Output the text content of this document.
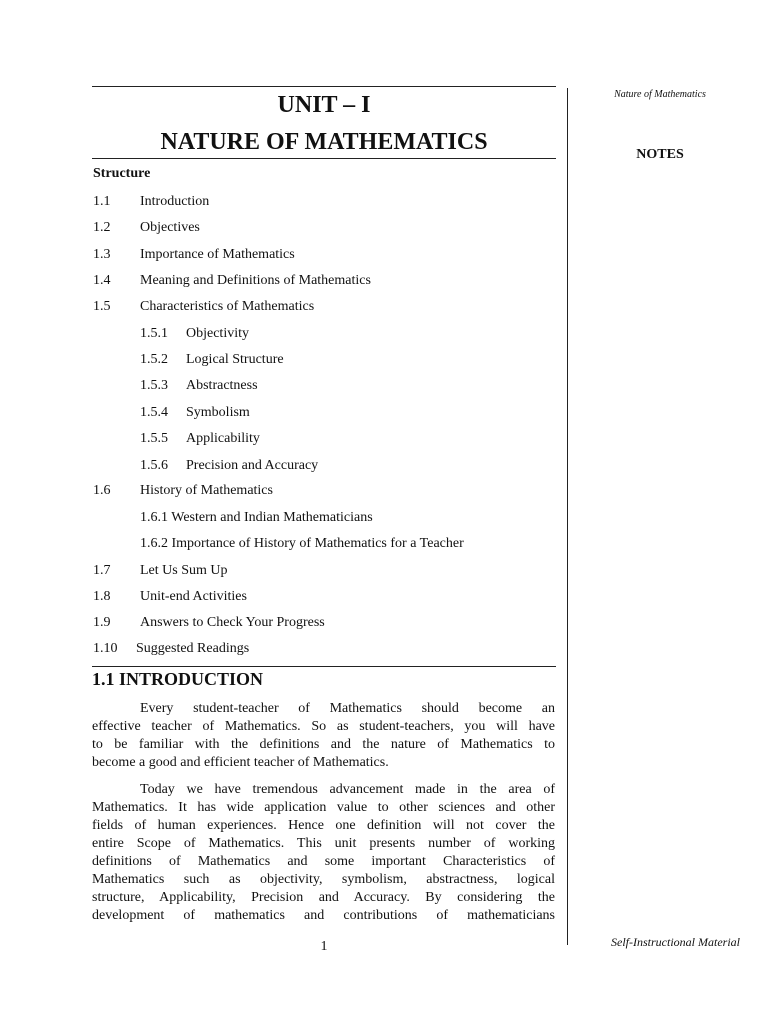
Nature of Mathematics
NOTES
Self-Instructional Material
UNIT – I
NATURE OF MATHEMATICS
Structure
1.1 Introduction
1.2 Objectives
1.3 Importance of Mathematics
1.4 Meaning and Definitions of Mathematics
1.5 Characteristics of Mathematics
1.5.1 Objectivity
1.5.2 Logical Structure
1.5.3 Abstractness
1.5.4 Symbolism
1.5.5 Applicability
1.5.6 Precision and Accuracy
1.6 History of Mathematics
1.6.1 Western and Indian Mathematicians
1.6.2 Importance of History of Mathematics for a Teacher
1.7 Let Us Sum Up
1.8 Unit-end Activities
1.9 Answers to Check Your Progress
1.10 Suggested Readings
1.1 INTRODUCTION
Every student-teacher of Mathematics should become an
effective teacher of Mathematics. So as student-teachers, you will have
to be familiar with the definitions and the nature of Mathematics to
become a good and efficient teacher of Mathematics.
Today we have tremendous advancement made in the area of
Mathematics. It has wide application value to other sciences and other
fields of human experiences. Hence one definition will not cover the
entire Scope of Mathematics. This unit presents number of working
definitions of Mathematics and some important Characteristics of
Mathematics such as objectivity, symbolism, abstractness, logical
structure, Applicability, Precision and Accuracy. By considering the
development of mathematics and contributions of mathematicians
1
